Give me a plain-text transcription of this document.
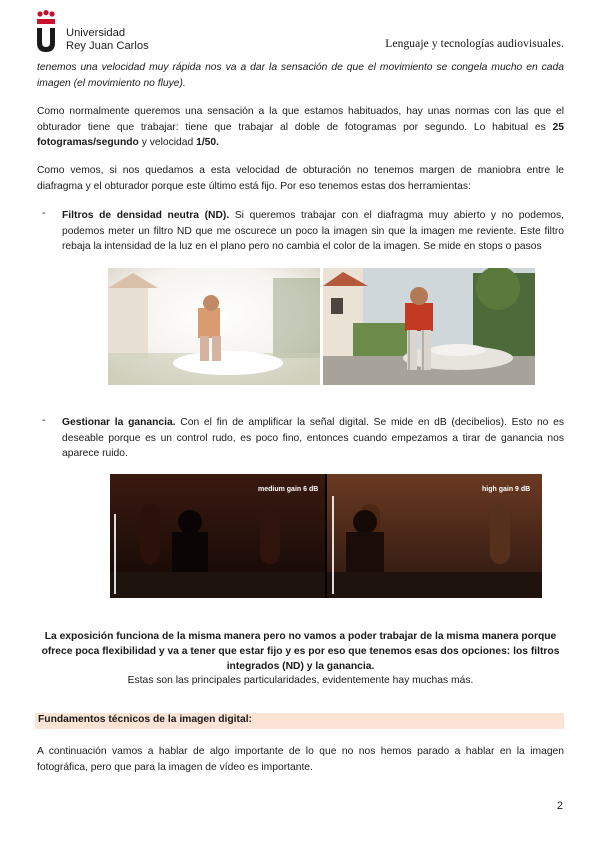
Universidad
Rey Juan Carlos	Lenguaje y tecnologías audiovisuales.
tenemos una velocidad muy rápida nos va a dar la sensación de que el movimiento se congela mucho en cada imagen (el movimiento no fluye).
Como normalmente queremos una sensación a la que estamos habituados, hay unas normas con las que el obturador tiene que trabajar: tiene que trabajar al doble de fotogramas por segundo. Lo habitual es 25 fotogramas/segundo y velocidad 1/50.
Como vemos, si nos quedamos a esta velocidad de obturación no tenemos margen de maniobra entre le diafragma y el obturador porque este último está fijo. Por eso tenemos estas dos herramientas:
- Filtros de densidad neutra (ND). Si queremos trabajar con el diafragma muy abierto y no podemos, podemos meter un filtro ND que me oscurece un poco la imagen sin que la imagen me reviente. Este filtro rebaja la intensidad de la luz en el plano pero no cambia el color de la imagen. Se mide en stops o pasos
- Gestionar la ganancia. Con el fin de amplificar la señal digital. Se mide en dB (decibelios). Esto no es deseable porque es un control rudo, es poco fino, entonces cuando empezamos a tirar de ganancia nos aparece ruido.
medium gain 6 dB	high gain 9 dB
La exposición funciona de la misma manera pero no vamos a poder trabajar de la misma manera porque ofrece poca flexibilidad y va a tener que estar fijo y es por eso que tenemos esas dos opciones: los filtros integrados (ND) y la ganancia.
Estas son las principales particularidades, evidentemente hay muchas más.
Fundamentos técnicos de la imagen digital:
A continuación vamos a hablar de algo importante de lo que no nos hemos parado a hablar en la imagen fotográfica, pero que para la imagen de vídeo es importante.
2
